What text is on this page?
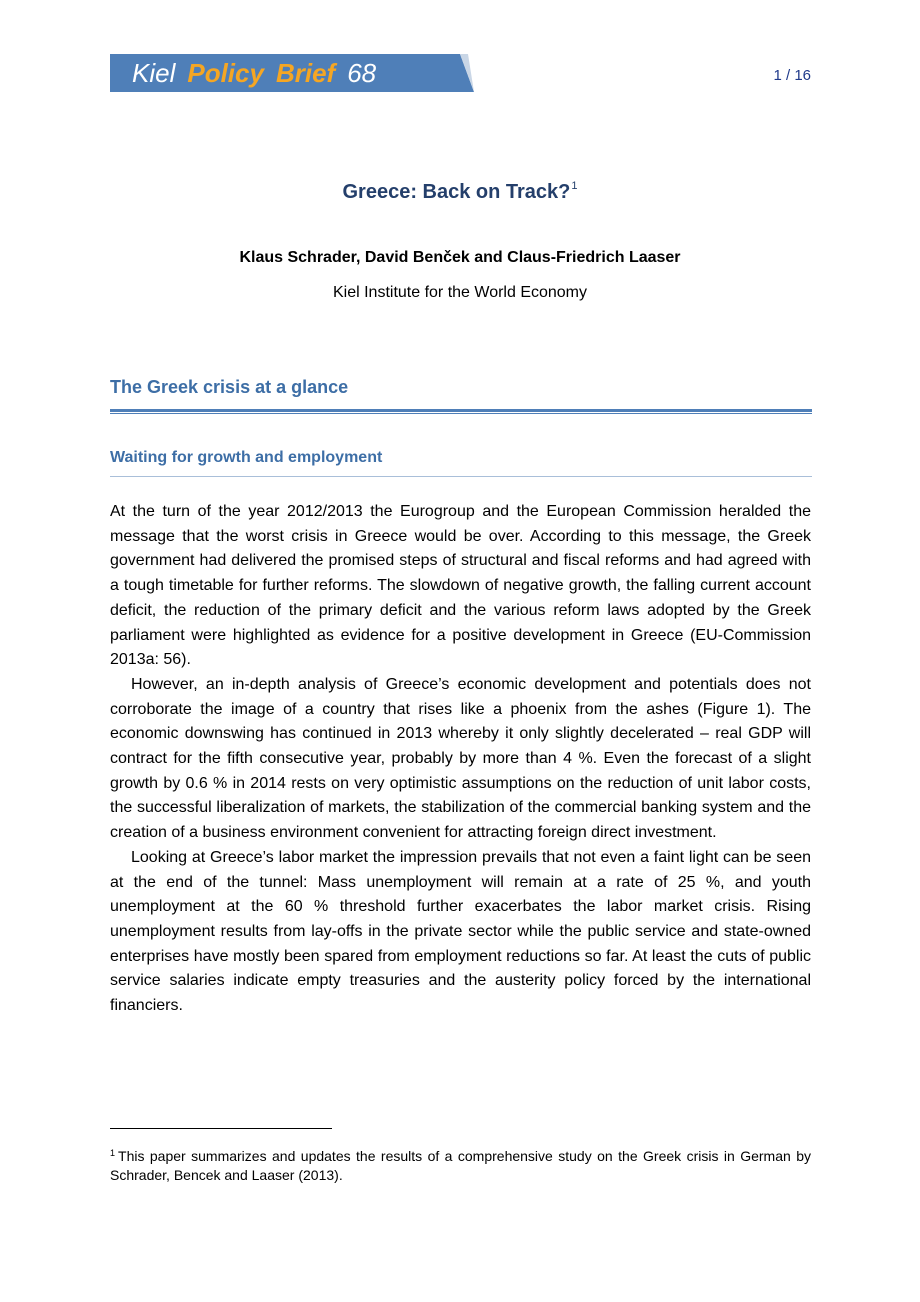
Kiel Policy Brief 68	1 / 16
Greece: Back on Track?$^1$
Klaus Schrader, David Benček and Claus-Friedrich Laaser
Kiel Institute for the World Economy
The Greek crisis at a glance
Waiting for growth and employment

At the turn of the year 2012/2013 the Eurogroup and the European Commission heralded the message that the worst crisis in Greece would be over. According to this message, the Greek government had delivered the promised steps of structural and fiscal reforms and had agreed with a tough timetable for further reforms. The slowdown of negative growth, the falling current account deficit, the reduction of the primary deficit and the various reform laws adopted by the Greek parliament were highlighted as evidence for a positive development in Greece (EU-Commission 2013a: 56).

However, an in-depth analysis of Greece’s economic development and potentials does not corroborate the image of a country that rises like a phoenix from the ashes (Figure 1). The economic downswing has continued in 2013 whereby it only slightly decelerated – real GDP will contract for the fifth consecutive year, probably by more than 4 %. Even the forecast of a slight growth by 0.6 % in 2014 rests on very optimistic assumptions on the reduction of unit labor costs, the successful liberalization of markets, the stabilization of the commercial banking system and the creation of a business environment convenient for attracting foreign direct investment.

Looking at Greece’s labor market the impression prevails that not even a faint light can be seen at the end of the tunnel: Mass unemployment will remain at a rate of 25 %, and youth unemployment at the 60 % threshold further exacerbates the labor market crisis. Rising unemployment results from lay-offs in the private sector while the public service and state-owned enterprises have mostly been spared from employment reductions so far. At least the cuts of public service salaries indicate empty treasuries and the austerity policy forced by the international financiers.

$^1$ This paper summarizes and updates the results of a comprehensive study on the Greek crisis in German by Schrader, Bencek and Laaser (2013).
